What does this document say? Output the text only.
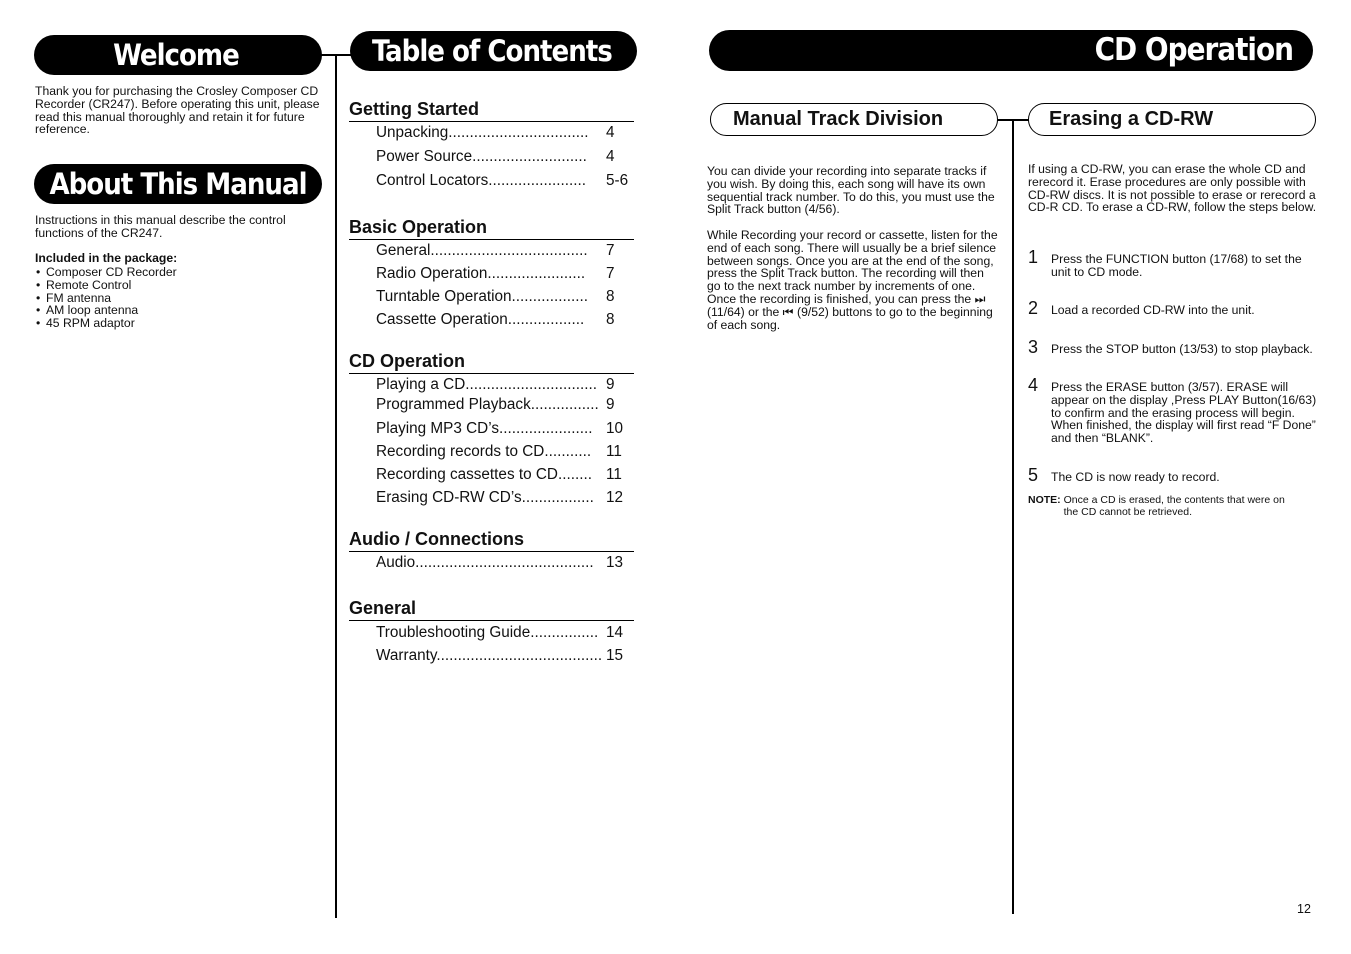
Welcome
Thank you for purchasing the Crosley Composer CD Recorder (CR247). Before operating this unit, please read this manual thoroughly and retain it for future reference.
About This Manual
Instructions in this manual describe the control functions of the CR247.
Included in the package:
• Composer CD Recorder
• Remote Control
• FM antenna
• AM loop antenna
• 45 RPM adaptor
Table of Contents
Getting Started
Unpacking................................. 4
Power Source........................... 4
Control Locators....................... 5-6
Basic Operation
General..................................... 7
Radio Operation....................... 7
Turntable Operation.................. 8
Cassette Operation.................. 8
CD Operation
Playing a CD............................... 9
Programmed Playback................ 9
Playing MP3 CD’s...................... 10
Recording records to CD........... 11
Recording cassettes to CD........ 11
Erasing CD-RW CD’s................. 12
Audio / Connections
Audio.......................................... 13
General
Troubleshooting Guide................ 14
Warranty....................................... 15
CD Operation
Manual Track Division	Erasing a CD-RW
You can divide your recording into separate tracks if you wish. By doing this, each song will have its own sequential track number. To do this, you must use the Split Track button (4/56).
While Recording your record or cassette, listen for the end of each song. There will usually be a brief silence between songs. Once you are at the end of the song, press the Split Track button. The recording will then go to the next track number by increments of one. Once the recording is finished, you can press the ⏭ (11/64) or the ⏮ (9/52) buttons to go to the beginning of each song.
If using a CD-RW, you can erase the whole CD and rerecord it. Erase procedures are only possible with CD-RW discs. It is not possible to erase or rerecord a CD-R CD. To erase a CD-RW, follow the steps below.
1 Press the FUNCTION button (17/68) to set the unit to CD mode.
2 Load a recorded CD-RW into the unit.
3 Press the STOP button (13/53) to stop playback.
4 Press the ERASE button (3/57). ERASE will appear on the display ,Press PLAY Button(16/63) to confirm and the erasing process will begin. When finished, the display will first read “F Done” and then “BLANK”.
5 The CD is now ready to record.
NOTE: Once a CD is erased, the contents that were on the CD cannot be retrieved.
12
